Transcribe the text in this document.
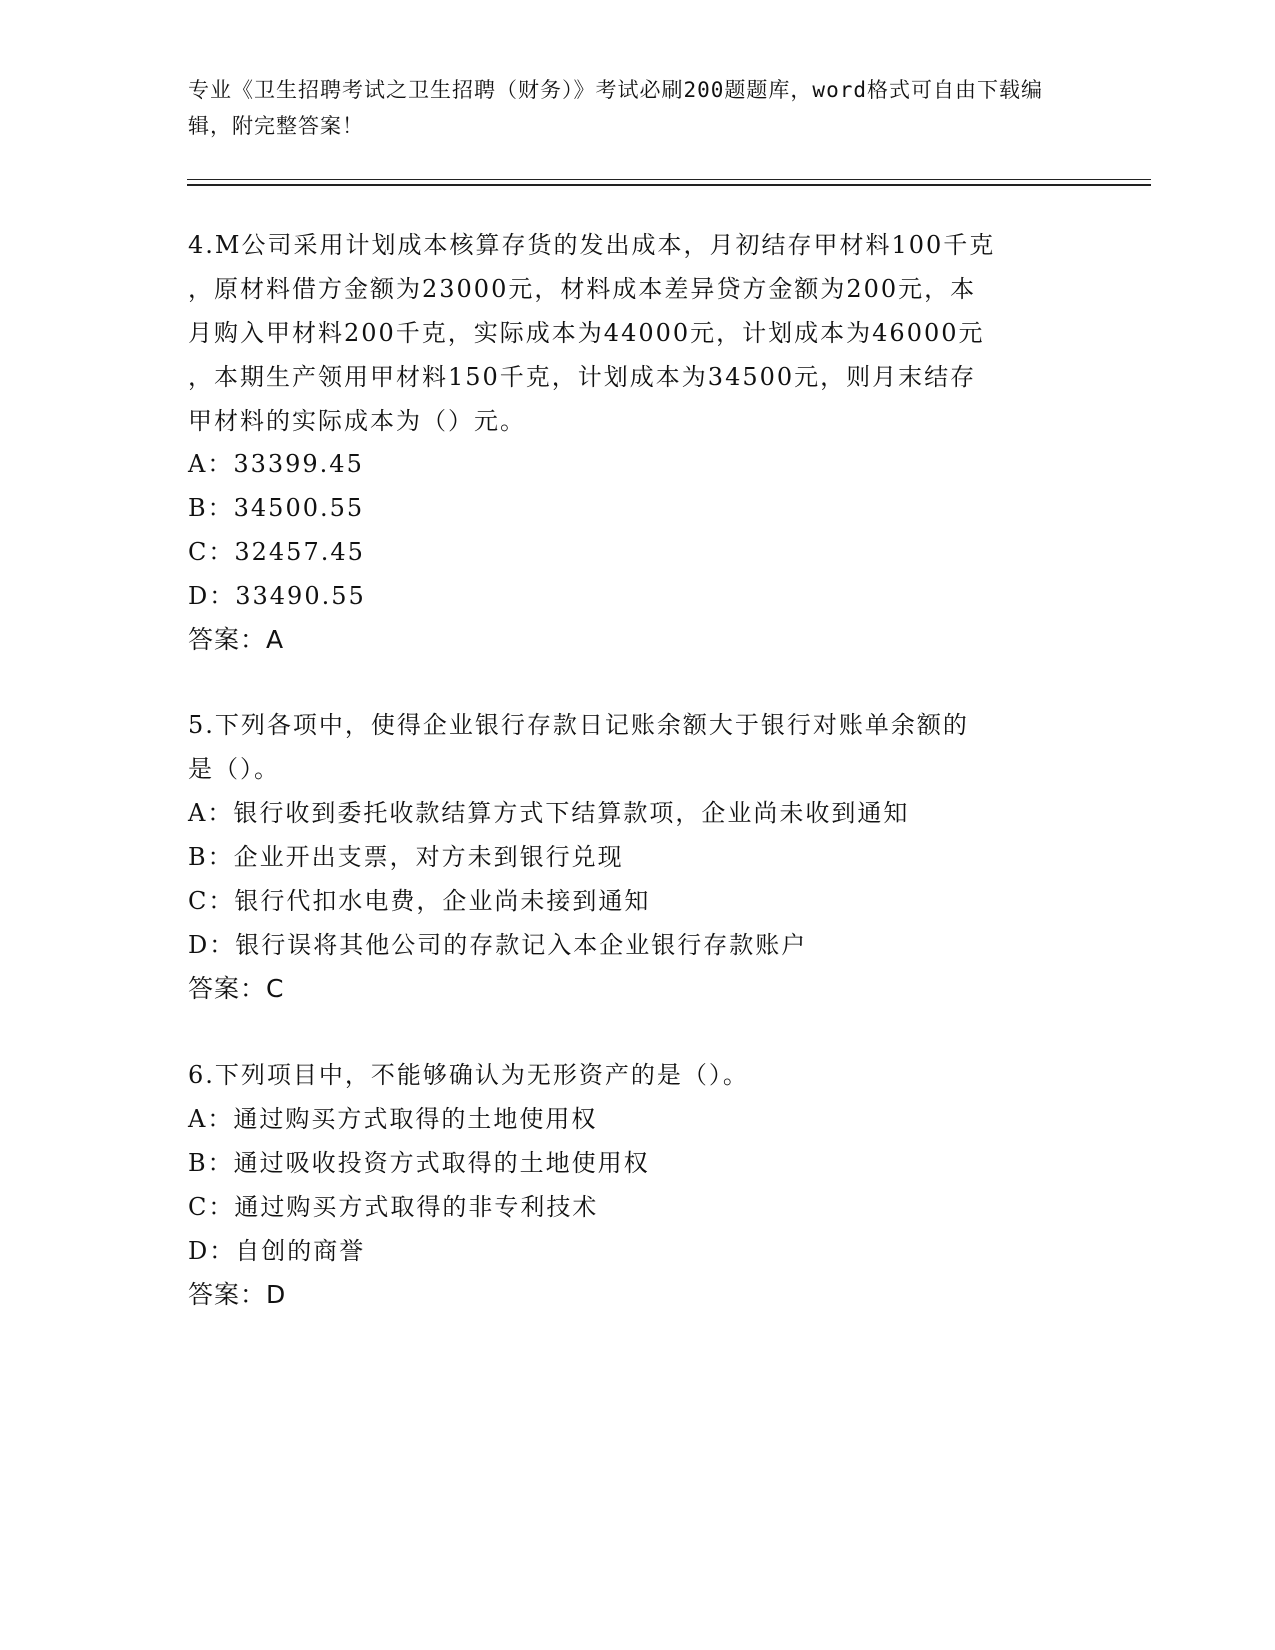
专业《卫生招聘考试之卫生招聘（财务）》考试必刷200题题库，word格式可自由下载编辑，附完整答案！
4.M公司采用计划成本核算存货的发出成本，月初结存甲材料100千克
，原材料借方金额为23000元，材料成本差异贷方金额为200元，本
月购入甲材料200千克，实际成本为44000元，计划成本为46000元
，本期生产领用甲材料150千克，计划成本为34500元，则月末结存
甲材料的实际成本为（）元。
A：33399.45
B：34500.55
C：32457.45
D：33490.55
答案：A
5.下列各项中，使得企业银行存款日记账余额大于银行对账单余额的
是（）。
A：银行收到委托收款结算方式下结算款项，企业尚未收到通知
B：企业开出支票，对方未到银行兑现
C：银行代扣水电费，企业尚未接到通知
D：银行误将其他公司的存款记入本企业银行存款账户
答案：C
6.下列项目中，不能够确认为无形资产的是（）。
A：通过购买方式取得的土地使用权
B：通过吸收投资方式取得的土地使用权
C：通过购买方式取得的非专利技术
D：自创的商誉
答案：D
